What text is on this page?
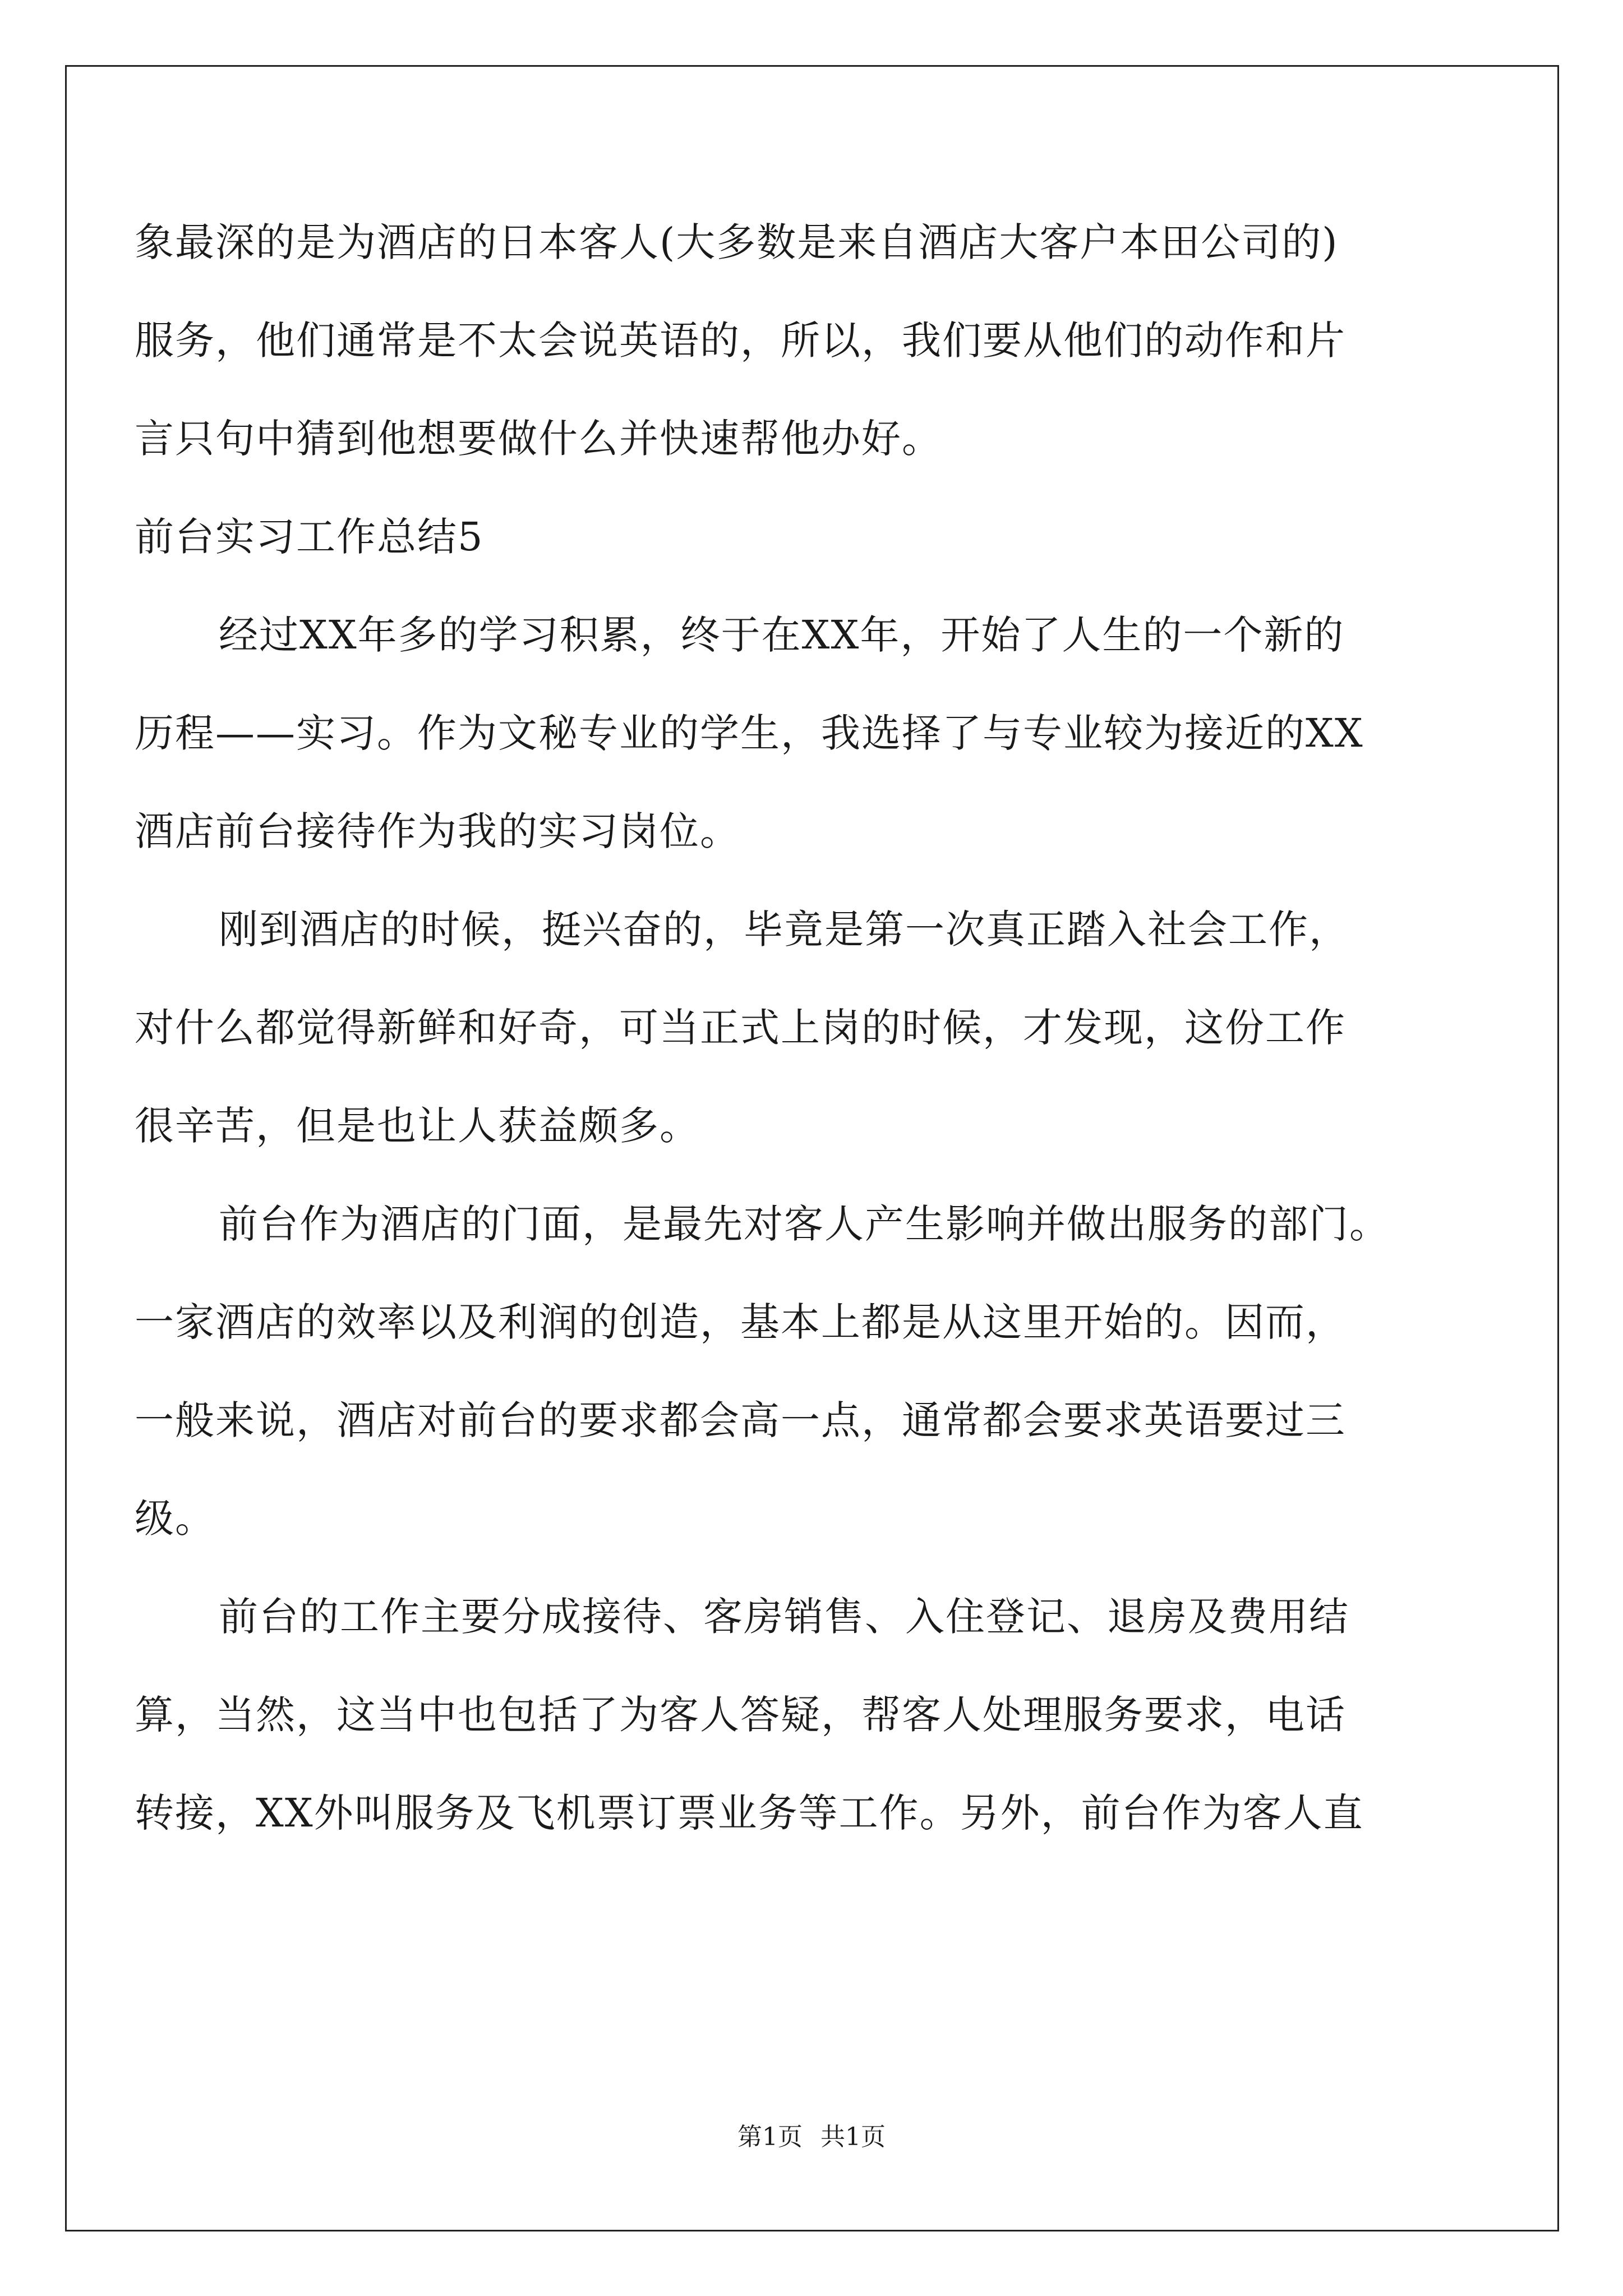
象最深的是为酒店的日本客人(大多数是来自酒店大客户本田公司的)
服务，他们通常是不太会说英语的，所以，我们要从他们的动作和片
言只句中猜到他想要做什么并快速帮他办好。
前台实习工作总结5
经过XX年多的学习积累，终于在XX年，开始了人生的一个新的
历程——实习。作为文秘专业的学生，我选择了与专业较为接近的XX
酒店前台接待作为我的实习岗位。
刚到酒店的时候，挺兴奋的，毕竟是第一次真正踏入社会工作，
对什么都觉得新鲜和好奇，可当正式上岗的时候，才发现，这份工作
很辛苦，但是也让人获益颇多。
前台作为酒店的门面，是最先对客人产生影响并做出服务的部门。
一家酒店的效率以及利润的创造，基本上都是从这里开始的。因而，
一般来说，酒店对前台的要求都会高一点，通常都会要求英语要过三
级。
前台的工作主要分成接待、客房销售、入住登记、退房及费用结
算，当然，这当中也包括了为客人答疑，帮客人处理服务要求，电话
转接，XX外叫服务及飞机票订票业务等工作。另外，前台作为客人直
第1页 共1页
